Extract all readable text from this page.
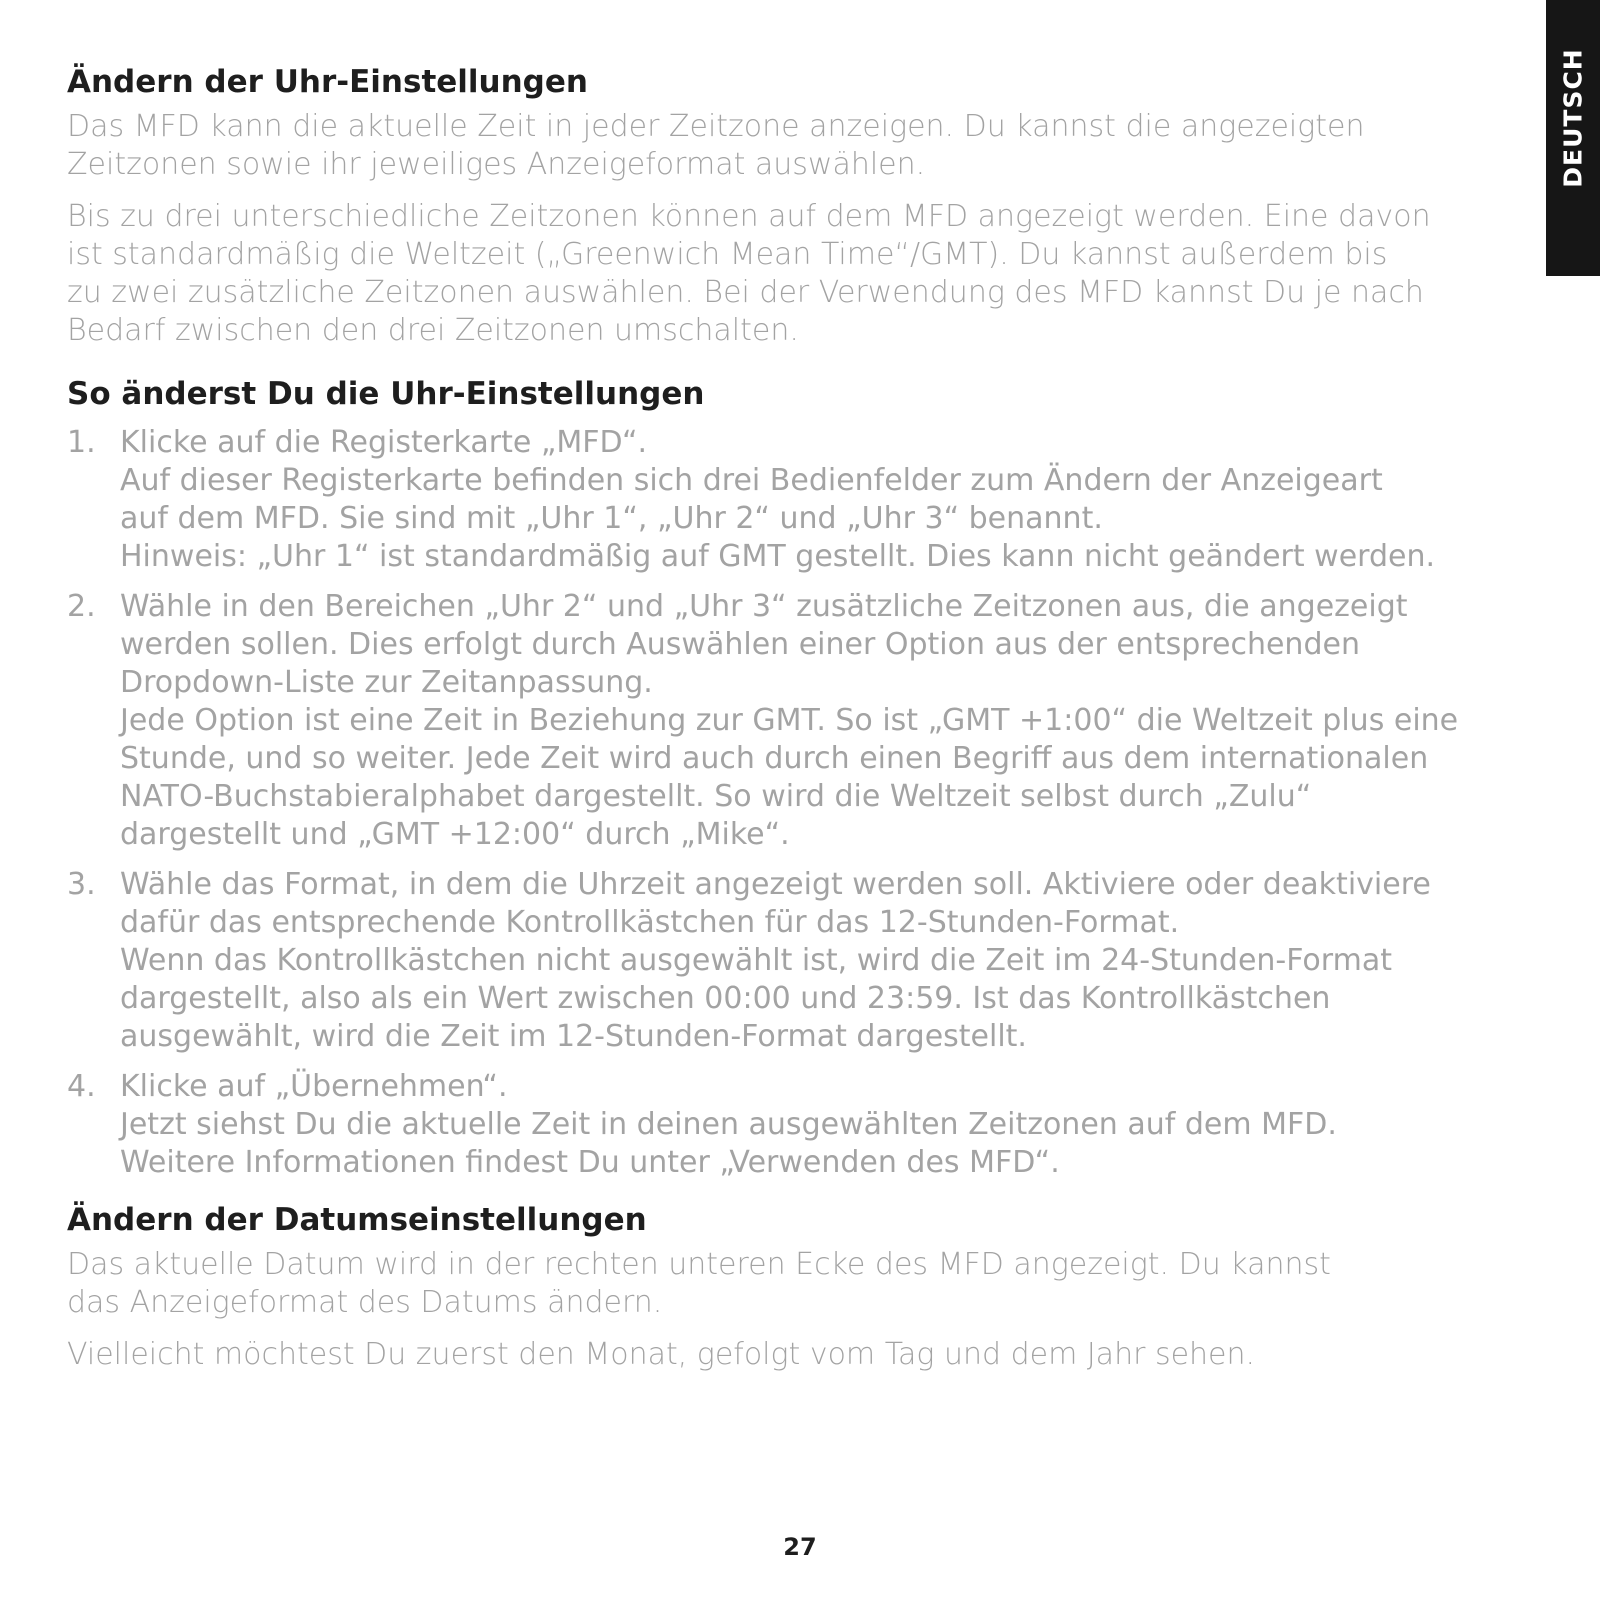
DEUTSCH
Ändern der Uhr-Einstellungen

Das MFD kann die aktuelle Zeit in jeder Zeitzone anzeigen. Du kannst die angezeigten
Zeitzonen sowie ihr jeweiliges Anzeigeformat auswählen.

Bis zu drei unterschiedliche Zeitzonen können auf dem MFD angezeigt werden. Eine davon
ist standardmäßig die Weltzeit („Greenwich Mean Time“/GMT). Du kannst außerdem bis
zu zwei zusätzliche Zeitzonen auswählen. Bei der Verwendung des MFD kannst Du je nach
Bedarf zwischen den drei Zeitzonen umschalten.

So änderst Du die Uhr-Einstellungen
1. Klicke auf die Registerkarte „MFD“.
Auf dieser Registerkarte befinden sich drei Bedienfelder zum Ändern der Anzeigeart
auf dem MFD. Sie sind mit „Uhr 1“, „Uhr 2“ und „Uhr 3“ benannt.
Hinweis: „Uhr 1“ ist standardmäßig auf GMT gestellt. Dies kann nicht geändert werden.
2. Wähle in den Bereichen „Uhr 2“ und „Uhr 3“ zusätzliche Zeitzonen aus, die angezeigt
werden sollen. Dies erfolgt durch Auswählen einer Option aus der entsprechenden
Dropdown-Liste zur Zeitanpassung.
Jede Option ist eine Zeit in Beziehung zur GMT. So ist „GMT +1:00“ die Weltzeit plus eine
Stunde, und so weiter. Jede Zeit wird auch durch einen Begriff aus dem internationalen
NATO-Buchstabieralphabet dargestellt. So wird die Weltzeit selbst durch „Zulu“
dargestellt und „GMT +12:00“ durch „Mike“.
3. Wähle das Format, in dem die Uhrzeit angezeigt werden soll. Aktiviere oder deaktiviere
dafür das entsprechende Kontrollkästchen für das 12-Stunden-Format.
Wenn das Kontrollkästchen nicht ausgewählt ist, wird die Zeit im 24-Stunden-Format
dargestellt, also als ein Wert zwischen 00:00 und 23:59. Ist das Kontrollkästchen
ausgewählt, wird die Zeit im 12-Stunden-Format dargestellt.
4. Klicke auf „Übernehmen“.
Jetzt siehst Du die aktuelle Zeit in deinen ausgewählten Zeitzonen auf dem MFD.
Weitere Informationen findest Du unter „Verwenden des MFD“.
Ändern der Datumseinstellungen

Das aktuelle Datum wird in der rechten unteren Ecke des MFD angezeigt. Du kannst
das Anzeigeformat des Datums ändern.

Vielleicht möchtest Du zuerst den Monat, gefolgt vom Tag und dem Jahr sehen.

27
